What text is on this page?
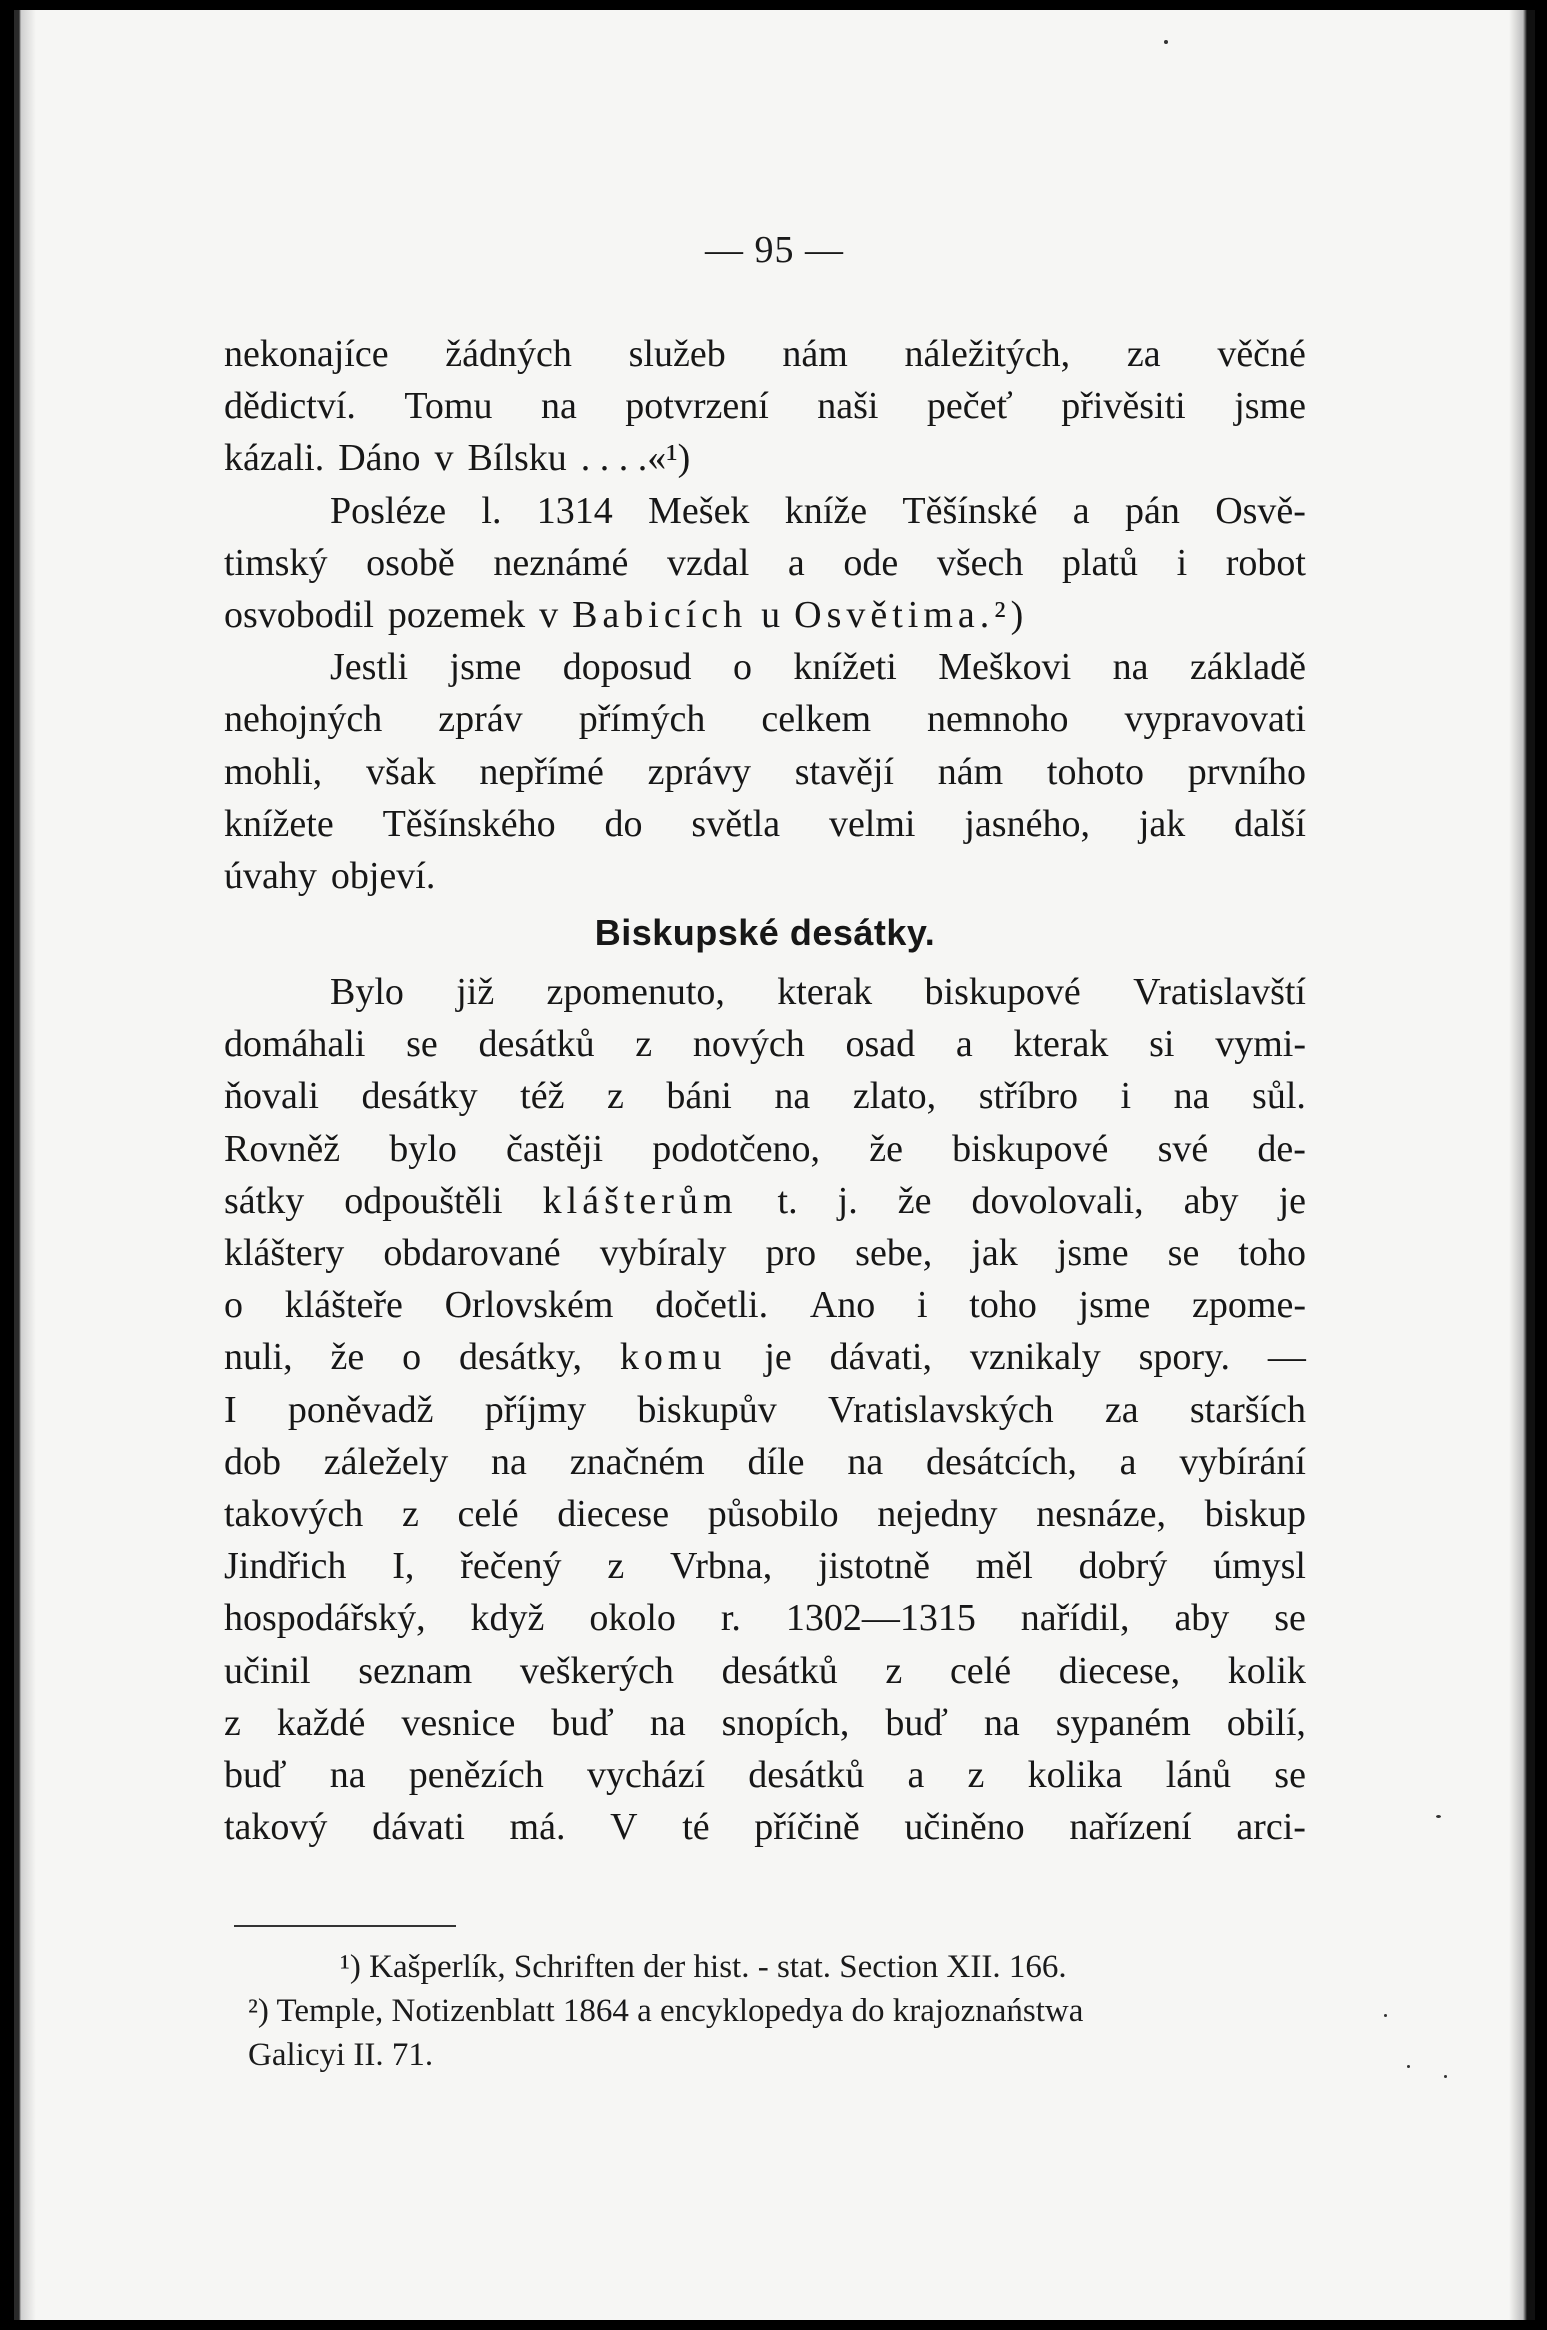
— 95 —
nekonajíce žádných služeb nám náležitých, za věčné
dědictví. Tomu na potvrzení naši pečeť přivěsiti jsme
kázali. Dáno v Bílsku . . . .«¹)
Posléze l. 1314 Mešek kníže Těšínské a pán Osvě-
timský osobě neznámé vzdal a ode všech platů i robot
osvobodil pozemek v Babicích u Osvětima.²)
Jestli jsme doposud o knížeti Meškovi na základě
nehojných zpráv přímých celkem nemnoho vypravovati
mohli, však nepřímé zprávy stavějí nám tohoto prvního
knížete Těšínského do světla velmi jasného, jak další
úvahy objeví.
Biskupské desátky.
Bylo již zpomenuto, kterak biskupové Vratislavští
domáhali se desátků z nových osad a kterak si vymi-
ňovali desátky též z báni na zlato, stříbro i na sůl.
Rovněž bylo častěji podotčeno, že biskupové své de-
sátky odpouštěli klášterům t. j. že dovolovali, aby je
kláštery obdarované vybíraly pro sebe, jak jsme se toho
o klášteře Orlovském dočetli. Ano i toho jsme zpome-
nuli, že o desátky, komu je dávati, vznikaly spory. —
I poněvadž příjmy biskupův Vratislavských za starších
dob záležely na značném díle na desátcích, a vybírání
takových z celé diecese působilo nejedny nesnáze, biskup
Jindřich I, řečený z Vrbna, jistotně měl dobrý úmysl
hospodářský, když okolo r. 1302—1315 nařídil, aby se
učinil seznam veškerých desátků z celé diecese, kolik
z každé vesnice buď na snopích, buď na sypaném obilí,
buď na penězích vychází desátků a z kolika lánů se
takový dávati má. V té příčině učiněno nařízení arci-
¹) Kašperlík, Schriften der hist. - stat. Section XII. 166.
²) Temple, Notizenblatt 1864 a encyklopedya do krajoznaństwa
Galicyi II. 71.
